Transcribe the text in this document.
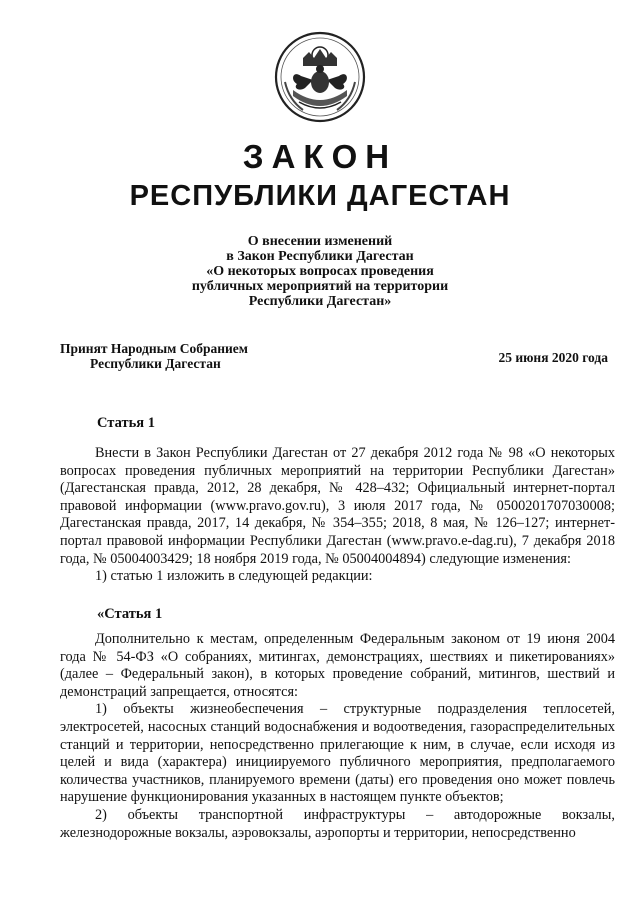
ЗАКОН
РЕСПУБЛИКИ ДАГЕСТАН
О внесении изменений
в Закон Республики Дагестан
«О некоторых вопросах проведения
публичных мероприятий на территории
Республики Дагестан»
Принят Народным Собранием
Республики Дагестан	25 июня 2020 года
Статья 1

Внести в Закон Республики Дагестан от 27 декабря 2012 года № 98 «О некоторых вопросах проведения публичных мероприятий на территории Республики Дагестан» (Дагестанская правда, 2012, 28 декабря, № 428–432; Официальный интернет-портал правовой информации (www.pravo.gov.ru), 3 июля 2017 года, № 0500201707030008; Дагестанская правда, 2017, 14 декабря, № 354–355; 2018, 8 мая, № 126–127; интернет-портал правовой информации Республики Дагестан (www.pravo.e-dag.ru), 7 декабря 2018 года, № 05004003429; 18 ноября 2019 года, № 05004004894) следующие изменения:

1) статью 1 изложить в следующей редакции:

«Статья 1

Дополнительно к местам, определенным Федеральным законом от 19 июня 2004 года № 54-ФЗ «О собраниях, митингах, демонстрациях, шествиях и пикетированиях» (далее – Федеральный закон), в которых проведение собраний, митингов, шествий и демонстраций запрещается, относятся:

1) объекты жизнеобеспечения – структурные подразделения теплосетей, электросетей, насосных станций водоснабжения и водоотведения, газораспределительных станций и территории, непосредственно прилегающие к ним, в случае, если исходя из целей и вида (характера) инициируемого публичного мероприятия, предполагаемого количества участников, планируемого времени (даты) его проведения оно может повлечь нарушение функционирования указанных в настоящем пункте объектов;

2) объекты транспортной инфраструктуры – автодорожные вокзалы, железнодорожные вокзалы, аэровокзалы, аэропорты и территории, непосредственно
